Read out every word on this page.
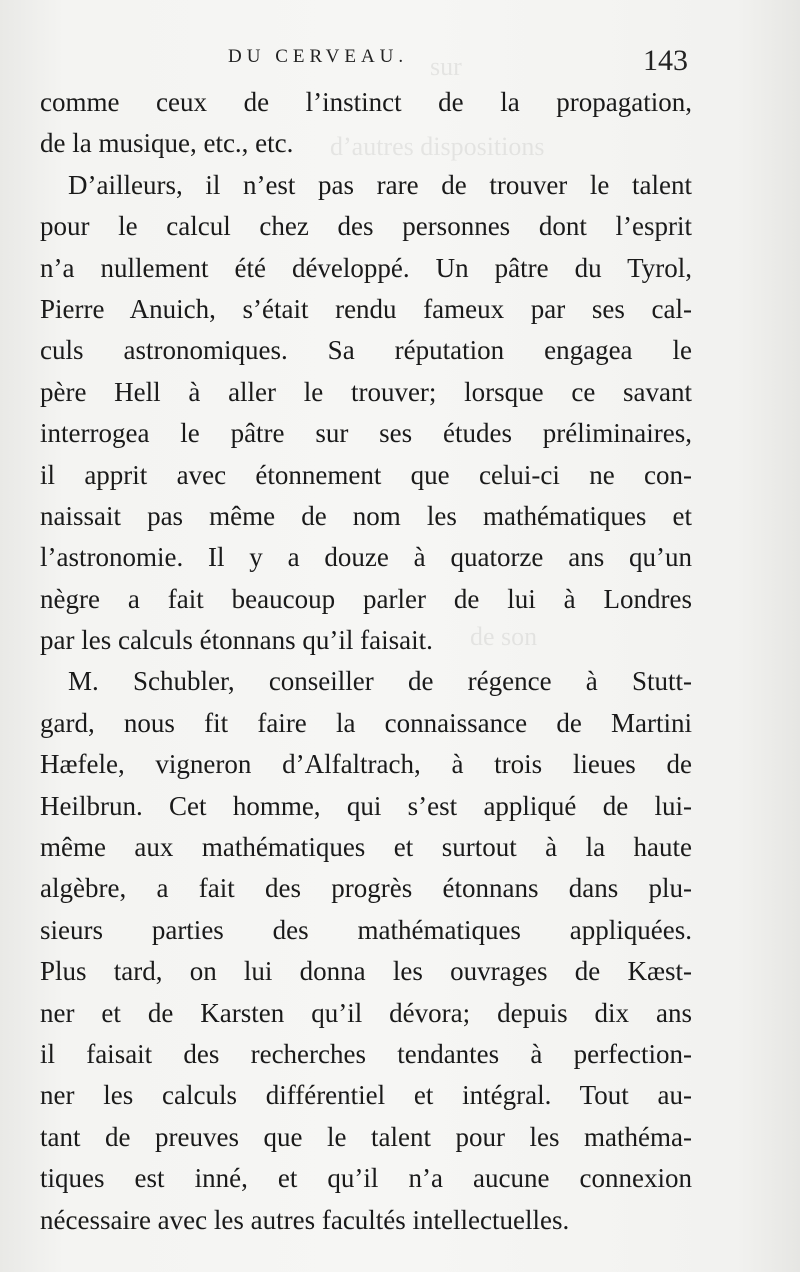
sur
d’autres dispositions
de son
DU CERVEAU.	143
comme ceux de l’instinct de la propagation,
de la musique, etc., etc.
D’ailleurs, il n’est pas rare de trouver le talent
pour le calcul chez des personnes dont l’esprit
n’a nullement été développé. Un pâtre du Tyrol,
Pierre Anuich, s’était rendu fameux par ses cal-
culs astronomiques. Sa réputation engagea le
père Hell à aller le trouver; lorsque ce savant
interrogea le pâtre sur ses études préliminaires,
il apprit avec étonnement que celui-ci ne con-
naissait pas même de nom les mathématiques et
l’astronomie. Il y a douze à quatorze ans qu’un
nègre a fait beaucoup parler de lui à Londres
par les calculs étonnans qu’il faisait.
M. Schubler, conseiller de régence à Stutt-
gard, nous fit faire la connaissance de Martini
Hæfele, vigneron d’Alfaltrach, à trois lieues de
Heilbrun. Cet homme, qui s’est appliqué de lui-
même aux mathématiques et surtout à la haute
algèbre, a fait des progrès étonnans dans plu-
sieurs parties des mathématiques appliquées.
Plus tard, on lui donna les ouvrages de Kæst-
ner et de Karsten qu’il dévora; depuis dix ans
il faisait des recherches tendantes à perfection-
ner les calculs différentiel et intégral. Tout au-
tant de preuves que le talent pour les mathéma-
tiques est inné, et qu’il n’a aucune connexion
nécessaire avec les autres facultés intellectuelles.
